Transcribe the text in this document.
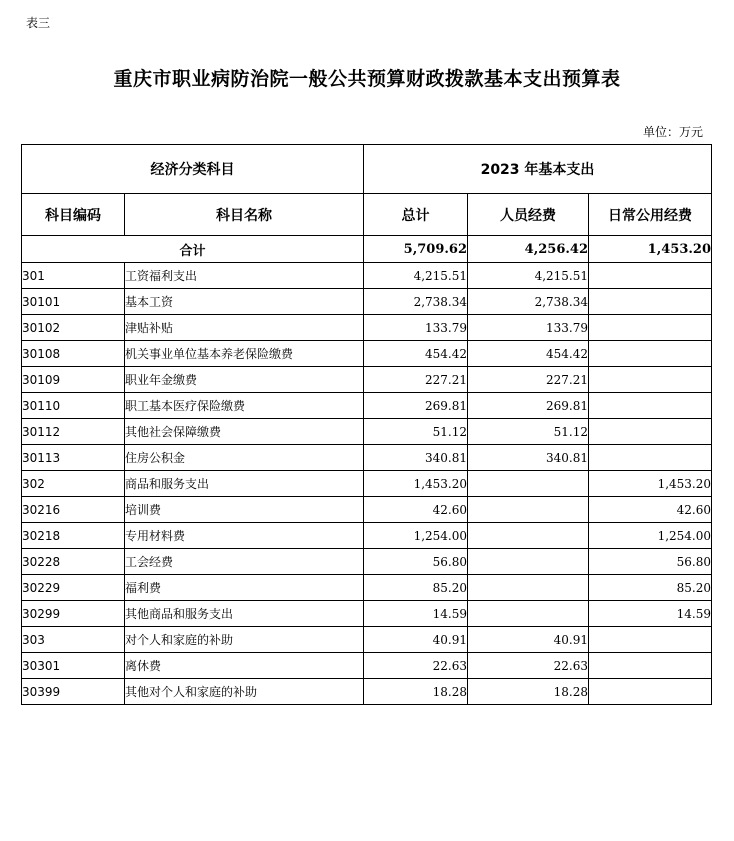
表三
重庆市职业病防治院一般公共预算财政拨款基本支出预算表
单位：万元
经济分类科目		2023 年基本支出		
科目编码	科目名称	总计	人员经费	日常公用经费
合计		5,709.62	4,256.42	1,453.20
301	工资福利支出	4,215.51	4,215.51	
30101	基本工资	2,738.34	2,738.34	
30102	津贴补贴	133.79	133.79	
30108	机关事业单位基本养老保险缴费	454.42	454.42	
30109	职业年金缴费	227.21	227.21	
30110	职工基本医疗保险缴费	269.81	269.81	
30112	其他社会保障缴费	51.12	51.12	
30113	住房公积金	340.81	340.81	
302	商品和服务支出	1,453.20		1,453.20
30216	培训费	42.60		42.60
30218	专用材料费	1,254.00		1,254.00
30228	工会经费	56.80		56.80
30229	福利费	85.20		85.20
30299	其他商品和服务支出	14.59		14.59
303	对个人和家庭的补助	40.91	40.91	
30301	离休费	22.63	22.63	
30399	其他对个人和家庭的补助	18.28	18.28	
